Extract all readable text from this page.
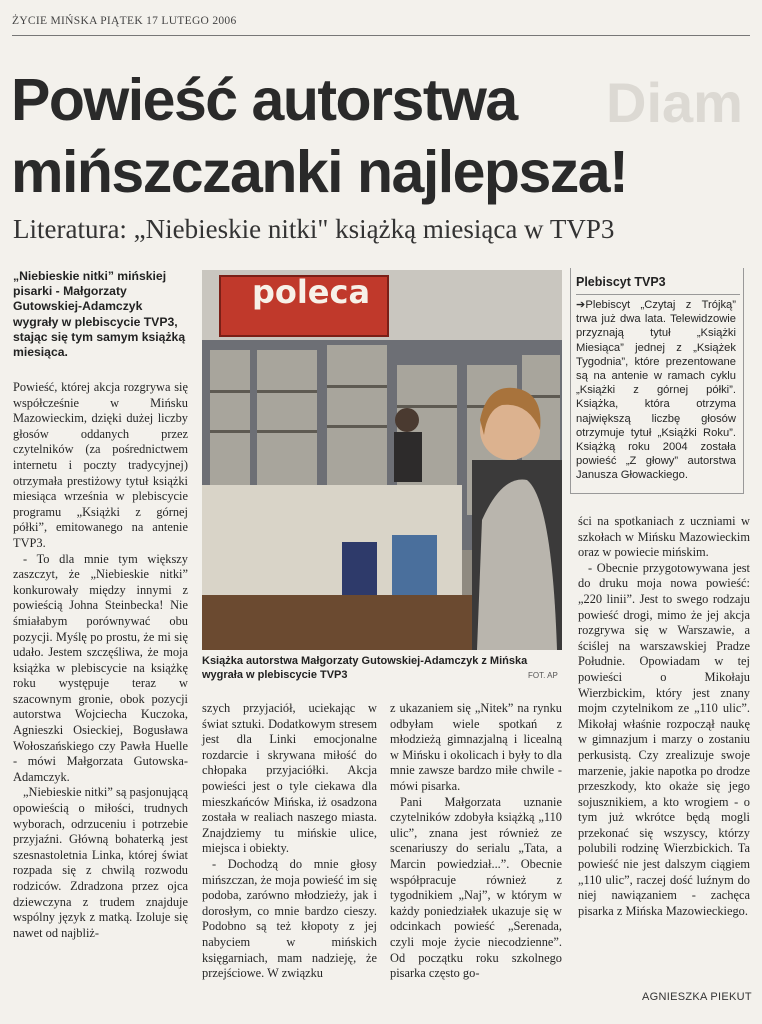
ŻYCIE MIŃSKA PIĄTEK 17 LUTEGO 2006
Diam
Powieść autorstwa mińszczanki najlepsza!
Literatura: „Niebieskie nitki" książką miesiąca w TVP3

„Niebieskie nitki” mińskiej pisarki - Małgorzaty Gutowskiej-Adamczyk wygrały w plebiscycie TVP3, stając się tym samym książką miesiąca.

Powieść, której akcja rozgrywa się współcześnie w Mińsku Mazowieckim, dzięki dużej liczby głosów oddanych przez czytelników (za pośrednictwem internetu i poczty tradycyjnej) otrzymała prestiżowy tytuł książki miesiąca września w plebiscycie programu „Książki z górnej półki”, emitowanego na antenie TVP3.

- To dla mnie tym większy zaszczyt, że „Niebieskie nitki” konkurowały między innymi z powieścią Johna Steinbecka! Nie śmiałabym porównywać obu pozycji. Myślę po prostu, że mi się udało. Jestem szczęśliwa, że moja książka w plebiscycie na książkę roku występuje teraz w szacownym gronie, obok pozycji autorstwa Wojciecha Kuczoka, Agnieszki Osieckiej, Bogusława Wołoszańskiego czy Pawła Huelle - mówi Małgorzata Gutowska-Adamczyk.

„Niebieskie nitki” są pasjonującą opowieścią o miłości, trudnych wyborach, odrzuceniu i potrzebie przyjaźni. Główną bohaterką jest szesnastoletnia Linka, której świat rozpada się z chwilą rozwodu rodziców. Zdradzona przez ojca dziewczyna z trudem znajduje wspólny język z matką. Izoluje się nawet od najbliż-

poleca
Książka autorstwa Małgorzaty Gutowskiej-Adamczyk z Mińska wygrała w plebiscycie TVP3	FOT. AP
Plebiscyt TVP3

➔Plebiscyt „Czytaj z Trójką” trwa już dwa lata. Telewidzowie przyznają tytuł „Książki Miesiąca” jednej z „Książek Tygodnia”, które prezentowane są na antenie w ramach cyklu „Książki z górnej półki”. Książka, która otrzyma największą liczbę głosów otrzymuje tytuł „Książki Roku”. Książką roku 2004 została powieść „Z głowy” autorstwa Janusza Głowackiego.

szych przyjaciół, uciekając w świat sztuki. Dodatkowym stresem jest dla Linki emocjonalne rozdarcie i skrywana miłość do chłopaka przyjaciółki. Akcja powieści jest o tyle ciekawa dla mieszkańców Mińska, iż osadzona została w realiach naszego miasta. Znajdziemy tu mińskie ulice, miejsca i obiekty.

- Dochodzą do mnie głosy mińszczan, że moja powieść im się podoba, zarówno młodzieży, jak i dorosłym, co mnie bardzo cieszy. Podobno są też kłopoty z jej nabyciem w mińskich księgarniach, mam nadzieję, że przejściowe. W związku

z ukazaniem się „Nitek” na rynku odbyłam wiele spotkań z młodzieżą gimnazjalną i licealną w Mińsku i okolicach i były to dla mnie zawsze bardzo miłe chwile - mówi pisarka.

Pani Małgorzata uznanie czytelników zdobyła książką „110 ulic”, znana jest również ze scenariuszy do serialu „Tata, a Marcin powiedział...”. Obecnie współpracuje również z tygodnikiem „Naj”, w którym w każdy poniedziałek ukazuje się w odcinkach powieść „Serenada, czyli moje życie niecodzienne”. Od początku roku szkolnego pisarka często go-

ści na spotkaniach z uczniami w szkołach w Mińsku Mazowieckim oraz w powiecie mińskim.

- Obecnie przygotowywana jest do druku moja nowa powieść: „220 linii”. Jest to swego rodzaju powieść drogi, mimo że jej akcja rozgrywa się w Warszawie, a ściślej na warszawskiej Pradze Południe. Opowiadam w tej powieści o Mikołaju Wierzbickim, który jest znany mojm czytelnikom ze „110 ulic”. Mikołaj właśnie rozpoczął naukę w gimnazjum i marzy o zostaniu perkusistą. Czy zrealizuje swoje marzenie, jakie napotka po drodze przeszkody, kto okaże się jego sojusznikiem, a kto wrogiem - o tym już wkrótce będą mogli przekonać się wszyscy, którzy polubili rodzinę Wierzbickich. Ta powieść nie jest dalszym ciągiem „110 ulic”, raczej dość luźnym do niej nawiązaniem - zachęca pisarka z Mińska Mazowieckiego.

AGNIESZKA PIEKUT
